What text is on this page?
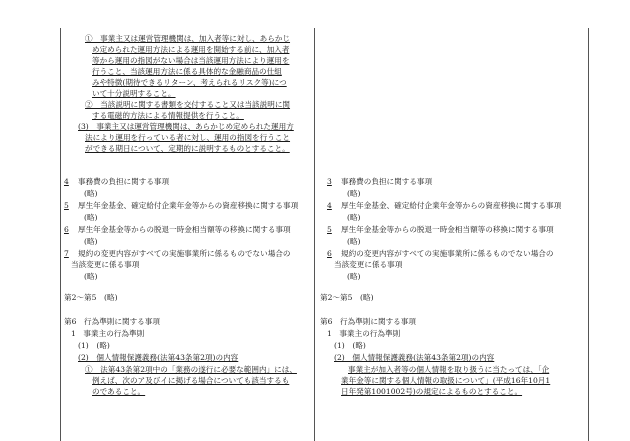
①　事業主又は運営管理機関は、加入者等に対し、あらかじ
め定められた運用方法による運用を開始する前に、加入者
等から運用の指図がない場合は当該運用方法により運用を
行うこと、当該運用方法に係る具体的な金融商品の仕組
みや特徴(期待できるリターン、考えられるリスク等)につ
いて十分説明すること。
②　当該説明に関する書類を交付すること又は当該説明に関
する電磁的方法による情報提供を行うこと。
(3)　事業主又は運営管理機関は、あらかじめ定められた運用方
法により運用を行っている者に対し、運用の指図を行うこと
ができる期日について、定期的に説明するものとすること。
4 事務費の負担に関する事項
(略)
5 厚生年金基金、確定給付企業年金等からの資産移換に関する事項
(略)
6 厚生年金基金等からの脱退一時金相当額等の移換に関する事項
(略)
7 規約の変更内容がすべての実施事業所に係るものでない場合の
当該変更に係る事項
(略)
第2～第5　(略)
第6　行為準則に関する事項
1　事業主の行為準則
(1)　(略)
(2)　個人情報保護義務(法第43条第2項)の内容
①　法第43条第2項中の「業務の遂行に必要な範囲内」には、
例えば、次のア及びイに掲げる場合についても該当するも
のであること。
3 事務費の負担に関する事項
(略)
4 厚生年金基金、確定給付企業年金等からの資産移換に関する事項
(略)
5 厚生年金基金等からの脱退一時金相当額等の移換に関する事項
(略)
6 規約の変更内容がすべての実施事業所に係るものでない場合の
当該変更に係る事項
(略)
第2～第5　(略)
第6　行為準則に関する事項
1　事業主の行為準則
(1)　(略)
(2)　個人情報保護義務(法第43条第2項)の内容
事業主が加入者等の個人情報を取り扱うに当たっては、「企
業年金等に関する個人情報の取扱について」(平成16年10月1
日年発第1001002号)の規定によるものとすること。
